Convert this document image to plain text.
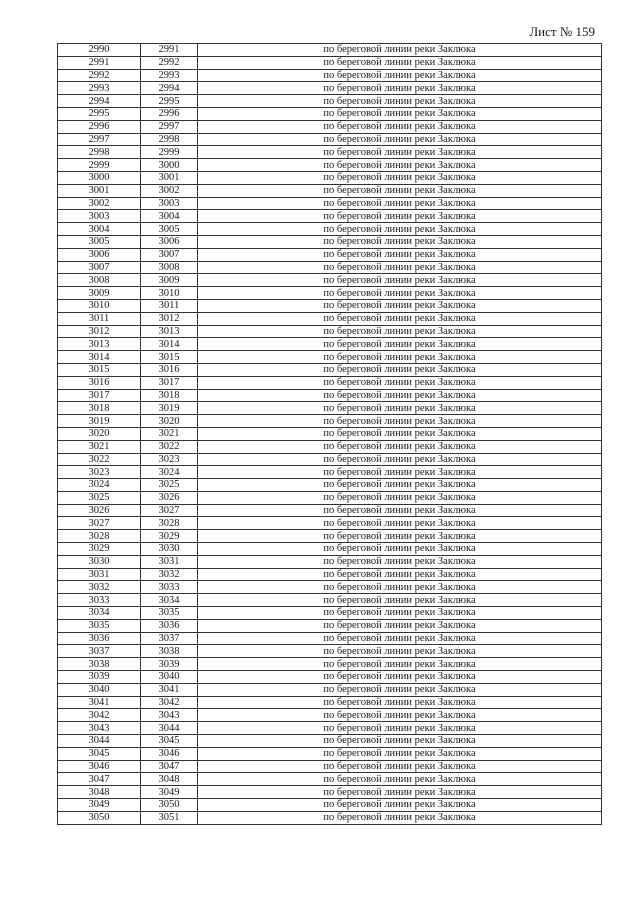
Лист № 159
2990	2991	по береговой линии реки Заклюка
2991	2992	по береговой линии реки Заклюка
2992	2993	по береговой линии реки Заклюка
2993	2994	по береговой линии реки Заклюка
2994	2995	по береговой линии реки Заклюка
2995	2996	по береговой линии реки Заклюка
2996	2997	по береговой линии реки Заклюка
2997	2998	по береговой линии реки Заклюка
2998	2999	по береговой линии реки Заклюка
2999	3000	по береговой линии реки Заклюка
3000	3001	по береговой линии реки Заклюка
3001	3002	по береговой линии реки Заклюка
3002	3003	по береговой линии реки Заклюка
3003	3004	по береговой линии реки Заклюка
3004	3005	по береговой линии реки Заклюка
3005	3006	по береговой линии реки Заклюка
3006	3007	по береговой линии реки Заклюка
3007	3008	по береговой линии реки Заклюка
3008	3009	по береговой линии реки Заклюка
3009	3010	по береговой линии реки Заклюка
3010	3011	по береговой линии реки Заклюка
3011	3012	по береговой линии реки Заклюка
3012	3013	по береговой линии реки Заклюка
3013	3014	по береговой линии реки Заклюка
3014	3015	по береговой линии реки Заклюка
3015	3016	по береговой линии реки Заклюка
3016	3017	по береговой линии реки Заклюка
3017	3018	по береговой линии реки Заклюка
3018	3019	по береговой линии реки Заклюка
3019	3020	по береговой линии реки Заклюка
3020	3021	по береговой линии реки Заклюка
3021	3022	по береговой линии реки Заклюка
3022	3023	по береговой линии реки Заклюка
3023	3024	по береговой линии реки Заклюка
3024	3025	по береговой линии реки Заклюка
3025	3026	по береговой линии реки Заклюка
3026	3027	по береговой линии реки Заклюка
3027	3028	по береговой линии реки Заклюка
3028	3029	по береговой линии реки Заклюка
3029	3030	по береговой линии реки Заклюка
3030	3031	по береговой линии реки Заклюка
3031	3032	по береговой линии реки Заклюка
3032	3033	по береговой линии реки Заклюка
3033	3034	по береговой линии реки Заклюка
3034	3035	по береговой линии реки Заклюка
3035	3036	по береговой линии реки Заклюка
3036	3037	по береговой линии реки Заклюка
3037	3038	по береговой линии реки Заклюка
3038	3039	по береговой линии реки Заклюка
3039	3040	по береговой линии реки Заклюка
3040	3041	по береговой линии реки Заклюка
3041	3042	по береговой линии реки Заклюка
3042	3043	по береговой линии реки Заклюка
3043	3044	по береговой линии реки Заклюка
3044	3045	по береговой линии реки Заклюка
3045	3046	по береговой линии реки Заклюка
3046	3047	по береговой линии реки Заклюка
3047	3048	по береговой линии реки Заклюка
3048	3049	по береговой линии реки Заклюка
3049	3050	по береговой линии реки Заклюка
3050	3051	по береговой линии реки Заклюка
